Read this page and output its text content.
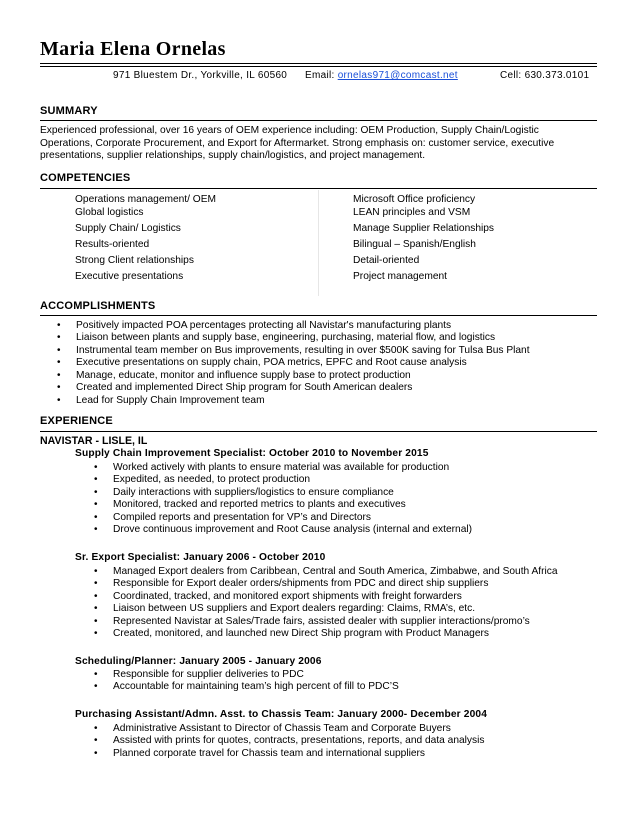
Maria Elena Ornelas
971 Bluestem Dr., Yorkville, IL 60560 Email: ornelas971@comcast.net	Cell: 630.373.0101
SUMMARY
Experienced professional, over 16 years of OEM experience including: OEM Production, Supply Chain/Logistic
Operations, Corporate Procurement, and Export for Aftermarket. Strong emphasis on: customer service, executive
presentations, supplier relationships, supply chain/logistics, and project management.
COMPETENCIES
Operations management/ OEM
Global logistics
Supply Chain/ Logistics
Results-oriented
Strong Client relationships
Executive presentations
Microsoft Office proficiency
LEAN principles and VSM
Manage Supplier Relationships
Bilingual – Spanish/English
Detail-oriented
Project management
ACCOMPLISHMENTS
• Positively impacted POA percentages protecting all Navistar's manufacturing plants
• Liaison between plants and supply base, engineering, purchasing, material flow, and logistics
• Instrumental team member on Bus improvements, resulting in over $500K saving for Tulsa Bus Plant
• Executive presentations on supply chain, POA metrics, EPFC and Root cause analysis
• Manage, educate, monitor and influence supply base to protect production
• Created and implemented Direct Ship program for South American dealers
• Lead for Supply Chain Improvement team
EXPERIENCE
NAVISTAR - LISLE, IL
Supply Chain Improvement Specialist: October 2010 to November 2015
• Worked actively with plants to ensure material was available for production
• Expedited, as needed, to protect production
• Daily interactions with suppliers/logistics to ensure compliance
• Monitored, tracked and reported metrics to plants and executives
• Compiled reports and presentation for VP’s and Directors
• Drove continuous improvement and Root Cause analysis (internal and external)
Sr. Export Specialist: January 2006 - October 2010
• Managed Export dealers from Caribbean, Central and South America, Zimbabwe, and South Africa
• Responsible for Export dealer orders/shipments from PDC and direct ship suppliers
• Coordinated, tracked, and monitored export shipments with freight forwarders
• Liaison between US suppliers and Export dealers regarding: Claims, RMA’s, etc.
• Represented Navistar at Sales/Trade fairs, assisted dealer with supplier interactions/promo’s
• Created, monitored, and launched new Direct Ship program with Product Managers
Scheduling/Planner: January 2005 - January 2006
• Responsible for supplier deliveries to PDC
• Accountable for maintaining team’s high percent of fill to PDC’S
Purchasing Assistant/Admn. Asst. to Chassis Team: January 2000- December 2004
• Administrative Assistant to Director of Chassis Team and Corporate Buyers
• Assisted with prints for quotes, contracts, presentations, reports, and data analysis
• Planned corporate travel for Chassis team and international suppliers
